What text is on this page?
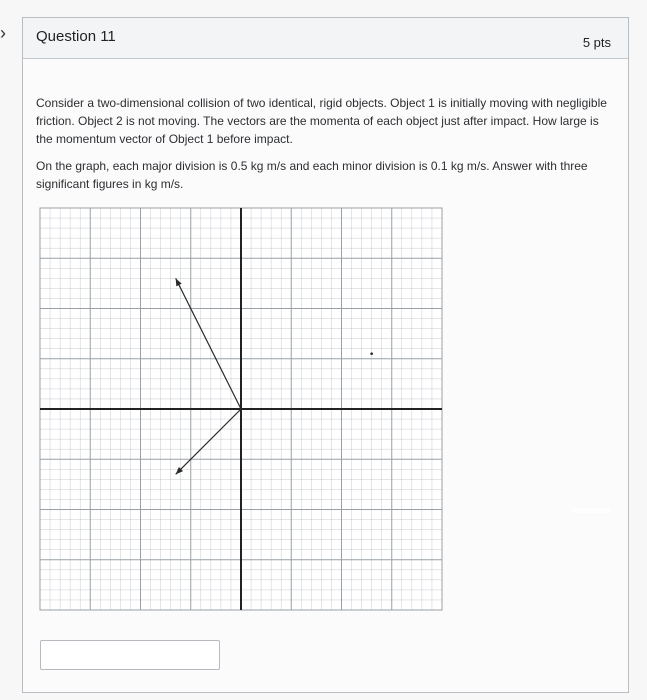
› Question 11	5 pts

Consider a two-dimensional collision of two identical, rigid objects. Object 1 is initially moving with negligible friction. Object 2 is not moving. The vectors are the momenta of each object just after impact. How large is the momentum vector of Object 1 before impact.

On the graph, each major division is 0.5 kg m/s and each minor division is 0.1 kg m/s. Answer with three significant figures in kg m/s.
